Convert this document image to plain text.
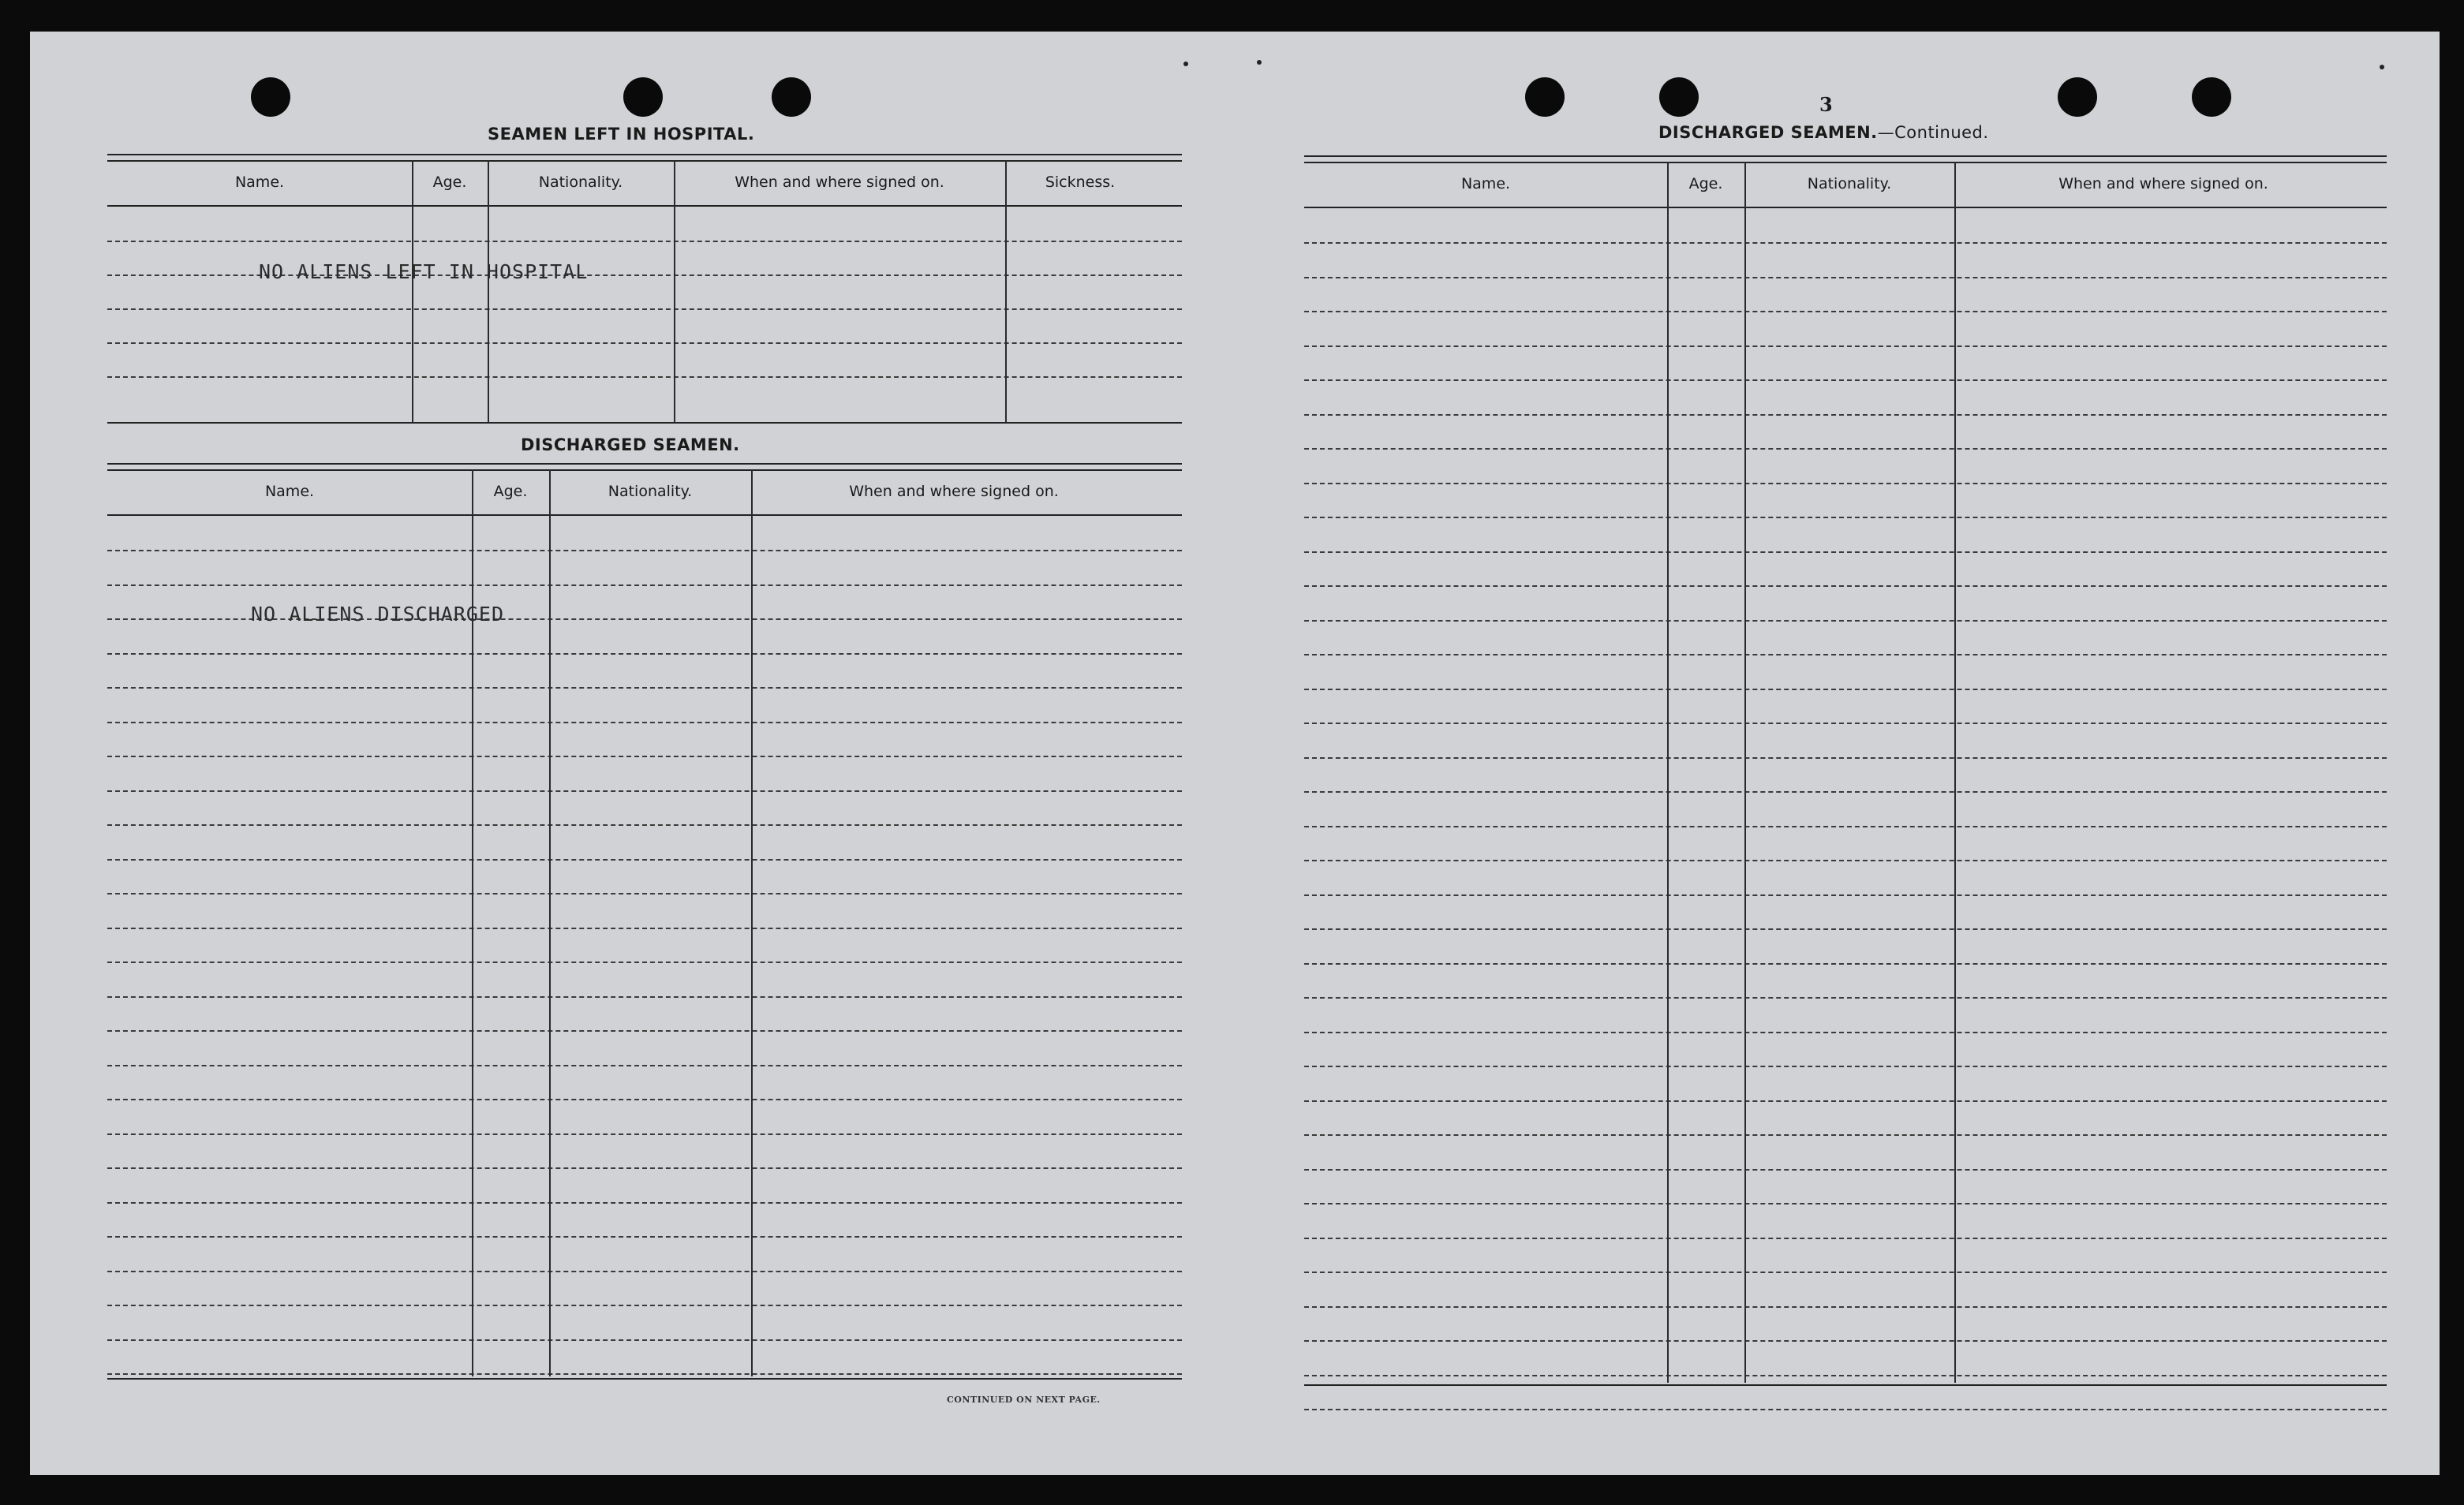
SEAMEN LEFT IN HOSPITAL.
Name.	Age.	Nationality.	When and where signed on.	Sickness.
NO ALIENS LEFT IN HOSPITAL
DISCHARGED SEAMEN.
Name.	Age.	Nationality.	When and where signed on.
NO ALIENS DISCHARGED
CONTINUED ON NEXT PAGE.
3
DISCHARGED SEAMEN.—Continued.
Name.	Age.	Nationality.	When and where signed on.
